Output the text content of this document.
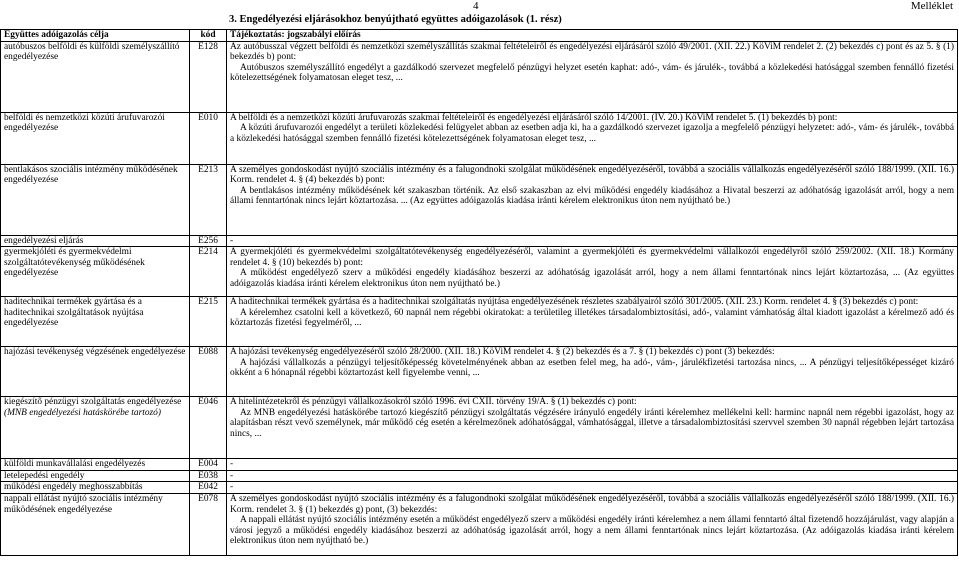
4	Melléklet
3. Engedélyezési eljárásokhoz benyújtható együttes adóigazolások (1. rész)
Együttes adóigazolás célja	kód	Tájékoztatás: jogszabályi előírás
autóbuszos belföldi és külföldi személyszállító engedélyezése	E128	Az autóbusszal végzett belföldi és nemzetközi személyszállítás szakmai feltételeiről és engedélyezési eljárásáról szóló 49/2001. (XII. 22.) KöViM rendelet 2. (2) bekezdés c) pont és az 5. § (1) bekezdés b) pont:
Autóbuszos személyszállító engedélyt a gazdálkodó szervezet megfelelő pénzügyi helyzet esetén kaphat: adó-, vám- és járulék-, továbbá a közlekedési hatósággal szemben fennálló fizetési kötelezettségének folyamatosan eleget tesz, ...

belföldi és nemzetközi közúti árufuvarozói engedélyezése	E010	A belföldi és a nemzetközi közúti árufuvarozás szakmai feltételeiről és engedélyezési eljárásáról szóló 14/2001. (IV. 20.) KöViM rendelet 5. (1) bekezdés b) pont:
A közúti árufuvarozói engedélyt a területi közlekedési felügyelet abban az esetben adja ki, ha a gazdálkodó szervezet igazolja a megfelelő pénzügyi helyzetet: adó-, vám- és járulék-, továbbá a közlekedési hatósággal szemben fennálló fizetési kötelezettségének folyamatosan eleget tesz, ...

bentlakásos szociális intézmény működésének engedélyezése	E213	A személyes gondoskodást nyújtó szociális intézmény és a falugondnoki szolgálat működésének engedélyezéséről, továbbá a szociális vállalkozás engedélyezéséről szóló 188/1999. (XII. 16.) Korm. rendelet 4. § (4) bekezdés b) pont:
A bentlakásos intézmény működésének két szakaszban történik. Az első szakaszban az elvi működési engedély kiadásához a Hivatal beszerzi az adóhatóság igazolását arról, hogy a nem állami fenntartónak nincs lejárt köztartozása. ... (Az együttes adóigazolás kiadása iránti kérelem elektronikus úton nem nyújtható be.)

engedélyezési eljárás	E256	-
gyermekjóléti és gyermekvédelmi szolgáltatótevékenység működésének engedélyezése	E214	A gyermekjóléti és gyermekvédelmi szolgáltatótevékenység engedélyezéséről, valamint a gyermekjóléti és gyermekvédelmi vállalkozói engedélyről szóló 259/2002. (XII. 18.) Kormány rendelet 4. § (10) bekezdés b) pont:
A működést engedélyező szerv a működési engedély kiadásához beszerzi az adóhatóság igazolását arról, hogy a nem állami fenntartónak nincs lejárt köztartozása, ... (Az együttes adóigazolás kiadása iránti kérelem elektronikus úton nem nyújtható be.)

haditechnikai termékek gyártása és a haditechnikai szolgáltatások nyújtása engedélyezése	E215	A haditechnikai termékek gyártása és a haditechnikai szolgáltatás nyújtása engedélyezésének részletes szabályairól szóló 301/2005. (XII. 23.) Korm. rendelet 4. § (3) bekezdés c) pont:
A kérelemhez csatolni kell a következő, 60 napnál nem régebbi okiratokat: a területileg illetékes társadalombiztosítási, adó-, valamint vámhatóság által kiadott igazolást a kérelmező adó és köztartozás fizetési fegyelméről, ...

hajózási tevékenység végzésének engedélyezése	E088	A hajózási tevékenység engedélyezéséről szóló 28/2000. (XII. 18.) KöViM rendelet 4. § (2) bekezdés és a 7. § (1) bekezdés c) pont (3) bekezdés:
A hajózási vállalkozás a pénzügyi teljesítőképesség követelményének abban az esetben felel meg, ha adó-, vám-, járulékfizetési tartozása nincs, ... A pénzügyi teljesítőképességet kizáró okként a 6 hónapnál régebbi köztartozást kell figyelembe venni, ...

kiegészítő pénzügyi szolgáltatás engedélyezése (MNB engedélyezési hatáskörébe tartozó)	E046	A hitelintézetekről és pénzügyi vállalkozásokról szóló 1996. évi CXII. törvény 19/A. § (1) bekezdés c) pont:
Az MNB engedélyezési hatáskörébe tartozó kiegészítő pénzügyi szolgáltatás végzésére irányuló engedély iránti kérelemhez mellékelni kell: harminc napnál nem régebbi igazolást, hogy az alapításban részt vevő személynek, már működő cég esetén a kérelmezőnek adóhatósággal, vámhatósággal, illetve a társadalombiztosítási szervvel szemben 30 napnál régebben lejárt tartozása nincs, ...

külföldi munkavállalási engedélyezés	E004	-
letelepedési engedély	E038	-
működési engedély meghosszabbítás	E042	-
nappali ellátást nyújtó szociális intézmény működésének engedélyezése	E078	A személyes gondoskodást nyújtó szociális intézmény és a falugondnoki szolgálat működésének engedélyezéséről, továbbá a szociális vállalkozás engedélyezéséről szóló 188/1999. (XII. 16.) Korm. rendelet 3. § (1) bekezdés g) pont, (3) bekezdés:
A nappali ellátást nyújtó szociális intézmény esetén a működést engedélyező szerv a működési engedély iránti kérelemhez a nem állami fenntartó által fizetendő hozzájárulást, vagy alapján a városi jegyző a működési engedély kiadásához beszerzi az adóhatóság igazolását arról, hogy a nem állami fenntartónak nincs lejárt köztartozása. (Az adóigazolás kiadása iránti kérelem elektronikus úton nem nyújtható be.)
